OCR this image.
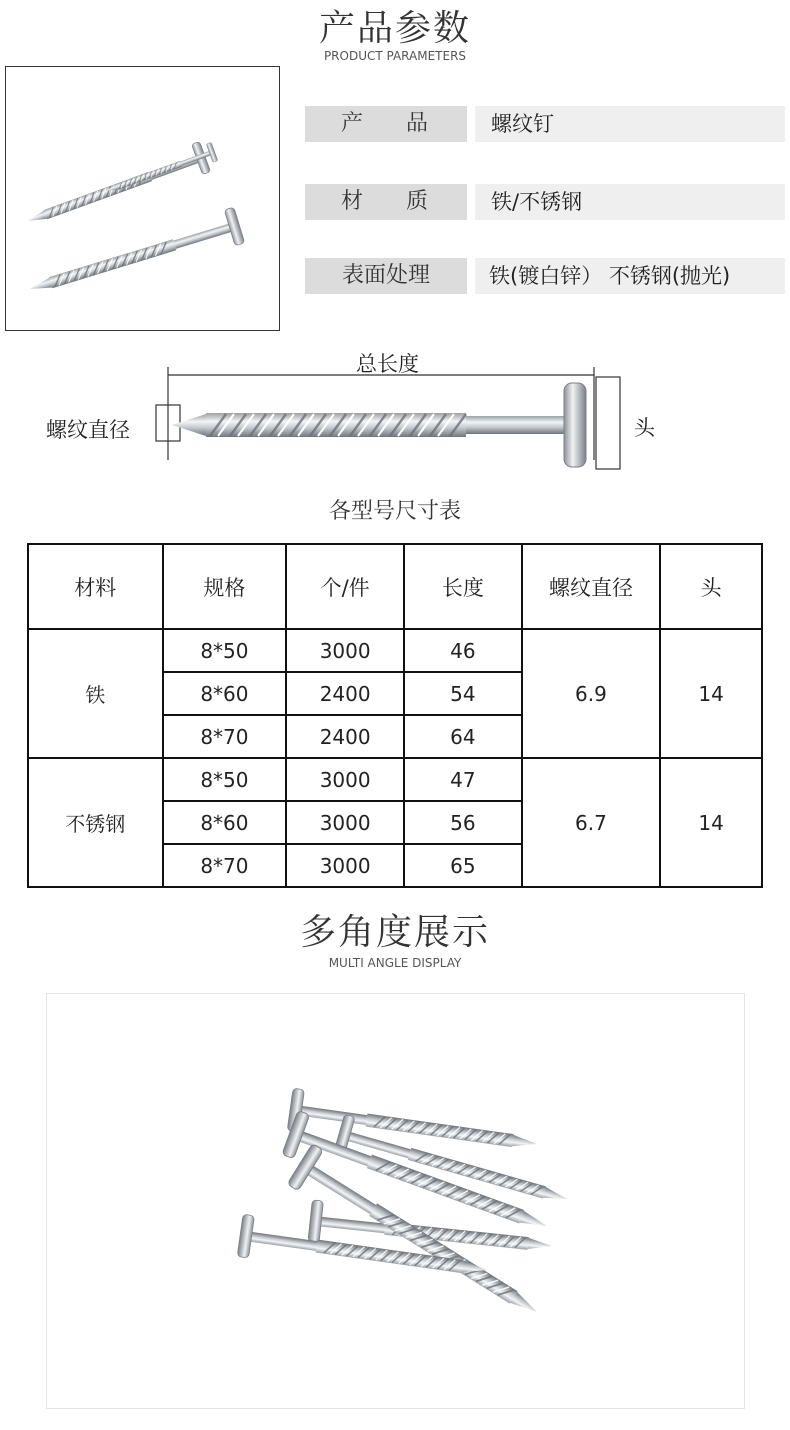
产品参数
PRODUCT PARAMETERS
产    品	螺纹钉
材    质	铁/不锈钢
表面处理	铁(镀白锌） 不锈钢(抛光)
总长度
螺纹直径	头
各型号尺寸表
材料	规格	个/件	长度	螺纹直径	头
铁	8*50	3000	46	6.9	14
	8*60	2400	54		
	8*70	2400	64		
不锈钢	8*50	3000	47	6.7	14
	8*60	3000	56		
	8*70	3000	65		
多角度展示
MULTI ANGLE DISPLAY
